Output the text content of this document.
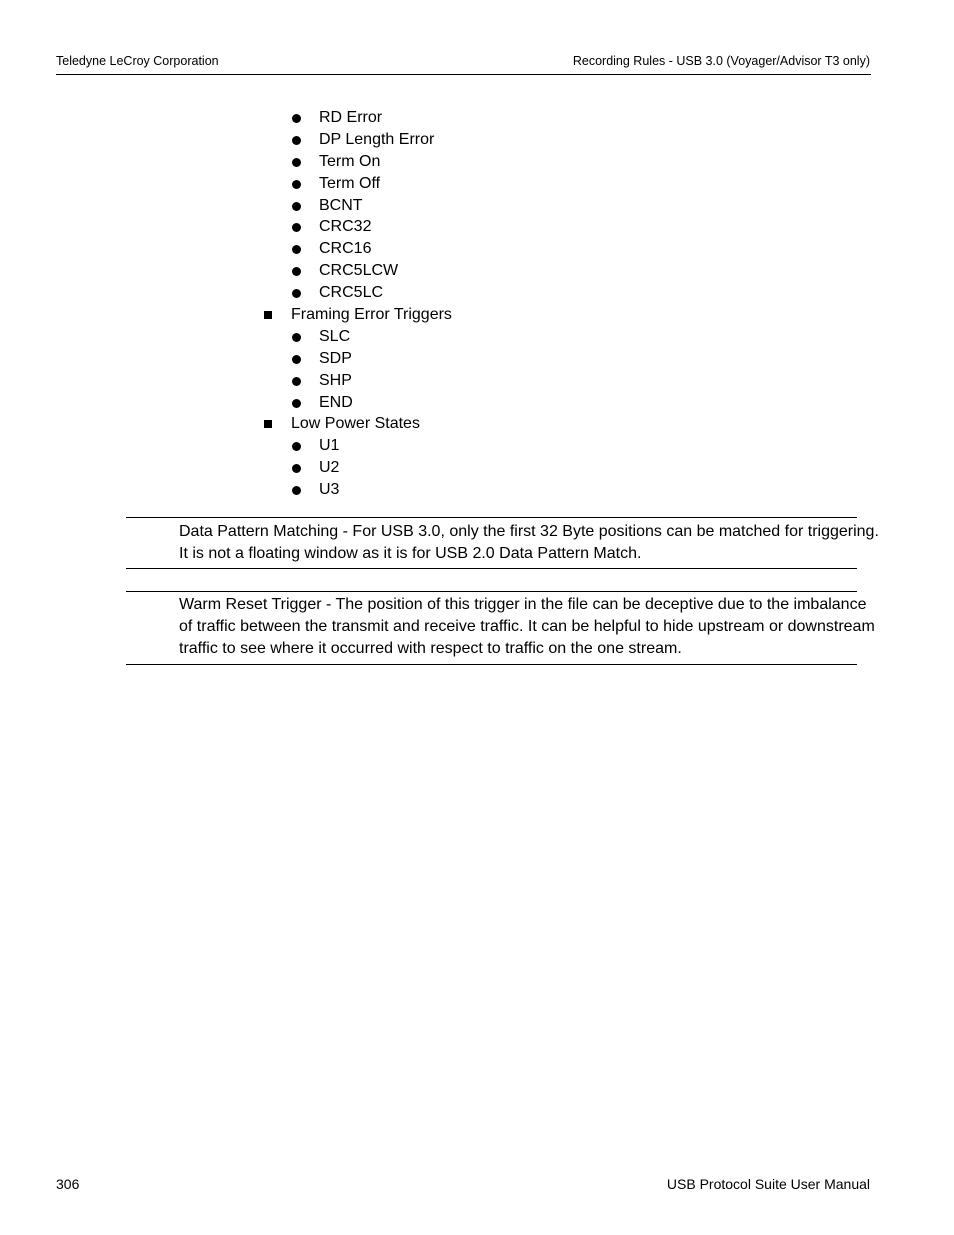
Teledyne LeCroy Corporation	Recording Rules - USB 3.0 (Voyager/Advisor T3 only)
RD Error
DP Length Error
Term On
Term Off
BCNT
CRC32
CRC16
CRC5LCW
CRC5LC
Framing Error Triggers
SLC
SDP
SHP
END
Low Power States
U1
U2
U3
Data Pattern Matching - For USB 3.0, only the first 32 Byte positions can be matched for triggering. It is not a floating window as it is for USB 2.0 Data Pattern Match.
Warm Reset Trigger - The position of this trigger in the file can be deceptive due to the imbalance of traffic between the transmit and receive traffic. It can be helpful to hide upstream or downstream traffic to see where it occurred with respect to traffic on the one stream.
306	USB Protocol Suite User Manual
